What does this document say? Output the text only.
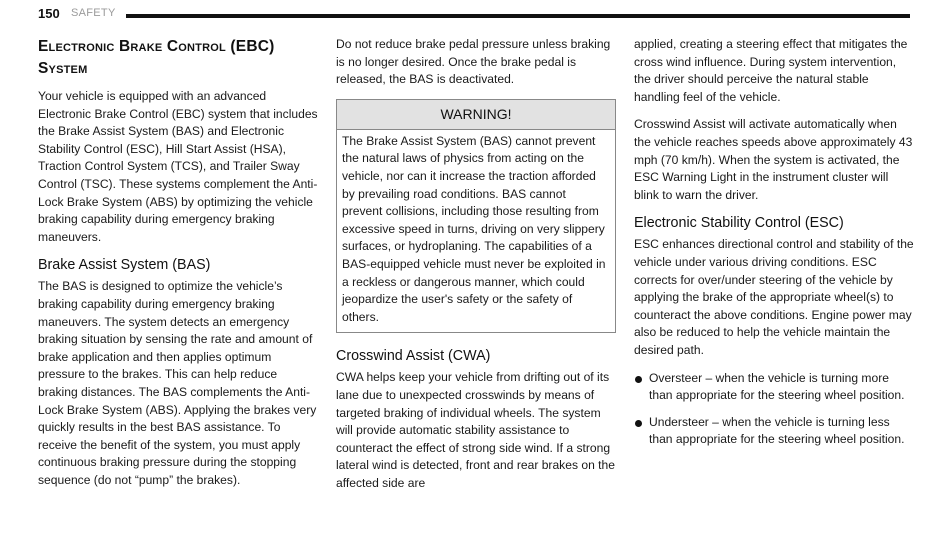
150 SAFETY
Electronic Brake Control (EBC) System

Your vehicle is equipped with an advanced Electronic Brake Control (EBC) system that includes the Brake Assist System (BAS) and Electronic Stability Control (ESC), Hill Start Assist (HSA), Traction Control System (TCS), and Trailer Sway Control (TSC). These systems complement the Anti-Lock Brake System (ABS) by optimizing the vehicle braking capability during emergency braking maneuvers.

Brake Assist System (BAS)

The BAS is designed to optimize the vehicle’s braking capability during emergency braking maneuvers. The system detects an emergency braking situation by sensing the rate and amount of brake application and then applies optimum pressure to the brakes. This can help reduce braking distances. The BAS complements the Anti-Lock Brake System (ABS). Applying the brakes very quickly results in the best BAS assistance. To receive the benefit of the system, you must apply continuous braking pressure during the stopping sequence (do not “pump” the brakes).

Do not reduce brake pedal pressure unless braking is no longer desired. Once the brake pedal is released, the BAS is deactivated.

WARNING!
The Brake Assist System (BAS) cannot prevent the natural laws of physics from acting on the vehicle, nor can it increase the traction afforded by prevailing road conditions. BAS cannot prevent collisions, including those resulting from excessive speed in turns, driving on very slippery surfaces, or hydroplaning. The capabilities of a BAS-equipped vehicle must never be exploited in a reckless or dangerous manner, which could jeopardize the user's safety or the safety of others.
Crosswind Assist (CWA)

CWA helps keep your vehicle from drifting out of its lane due to unexpected crosswinds by means of targeted braking of individual wheels. The system will provide automatic stability assistance to counteract the effect of strong side wind. If a strong lateral wind is detected, front and rear brakes on the affected side are

applied, creating a steering effect that mitigates the cross wind influence. During system intervention, the driver should perceive the natural stable handling feel of the vehicle.

Crosswind Assist will activate automatically when the vehicle reaches speeds above approximately 43 mph (70 km/h). When the system is activated, the ESC Warning Light in the instrument cluster will blink to warn the driver.

Electronic Stability Control (ESC)

ESC enhances directional control and stability of the vehicle under various driving conditions. ESC corrects for over/under steering of the vehicle by applying the brake of the appropriate wheel(s) to counteract the above conditions. Engine power may also be reduced to help the vehicle maintain the desired path.

Oversteer – when the vehicle is turning more than appropriate for the steering wheel position.
Understeer – when the vehicle is turning less than appropriate for the steering wheel position.
